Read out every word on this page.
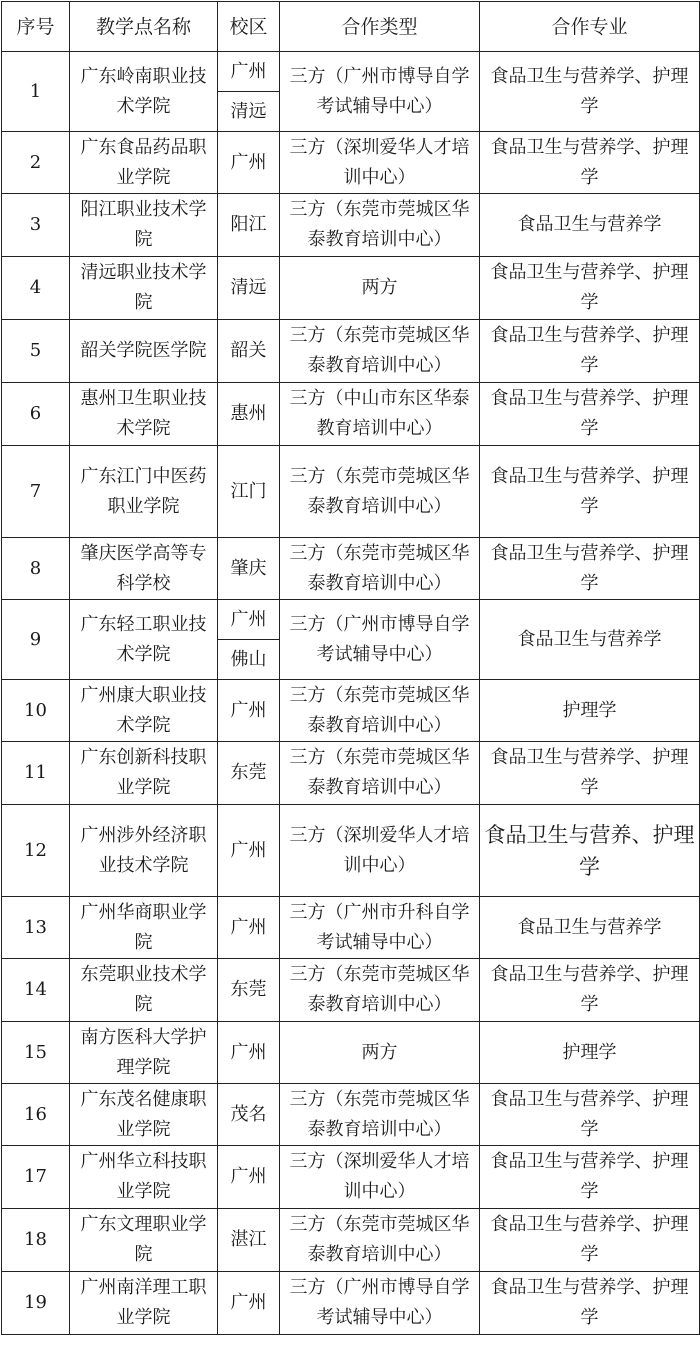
序号	教学点名称	校区	合作类型	合作专业
1	广东岭南职业技术学院	广州	三方（广州市博导自学考试辅导中心）	食品卫生与营养学、护理学
		清远		
2	广东食品药品职业学院	广州	三方（深圳爱华人才培训中心）	食品卫生与营养学、护理学
3	阳江职业技术学院	阳江	三方（东莞市莞城区华泰教育培训中心）	食品卫生与营养学
4	清远职业技术学院	清远	两方	食品卫生与营养学、护理学
5	韶关学院医学院	韶关	三方（东莞市莞城区华泰教育培训中心）	食品卫生与营养学、护理学
6	惠州卫生职业技术学院	惠州	三方（中山市东区华泰教育培训中心）	食品卫生与营养学、护理学
7	广东江门中医药职业学院	江门	三方（东莞市莞城区华泰教育培训中心）	食品卫生与营养学、护理学
8	肇庆医学高等专科学校	肇庆	三方（东莞市莞城区华泰教育培训中心）	食品卫生与营养学、护理学
9	广东轻工职业技术学院	广州	三方（广州市博导自学考试辅导中心）	食品卫生与营养学
		佛山		
10	广州康大职业技术学院	广州	三方（东莞市莞城区华泰教育培训中心）	护理学
11	广东创新科技职业学院	东莞	三方（东莞市莞城区华泰教育培训中心）	食品卫生与营养学、护理学
12	广州涉外经济职业技术学院	广州	三方（深圳爱华人才培训中心）	食品卫生与营养、护理学
13	广州华商职业学院	广州	三方（广州市升科自学考试辅导中心）	食品卫生与营养学
14	东莞职业技术学院	东莞	三方（东莞市莞城区华泰教育培训中心）	食品卫生与营养学、护理学
15	南方医科大学护理学院	广州	两方	护理学
16	广东茂名健康职业学院	茂名	三方（东莞市莞城区华泰教育培训中心）	食品卫生与营养学、护理学
17	广州华立科技职业学院	广州	三方（深圳爱华人才培训中心）	食品卫生与营养学、护理学
18	广东文理职业学院	湛江	三方（东莞市莞城区华泰教育培训中心）	食品卫生与营养学、护理学
19	广州南洋理工职业学院	广州	三方（广州市博导自学考试辅导中心）	食品卫生与营养学、护理学
